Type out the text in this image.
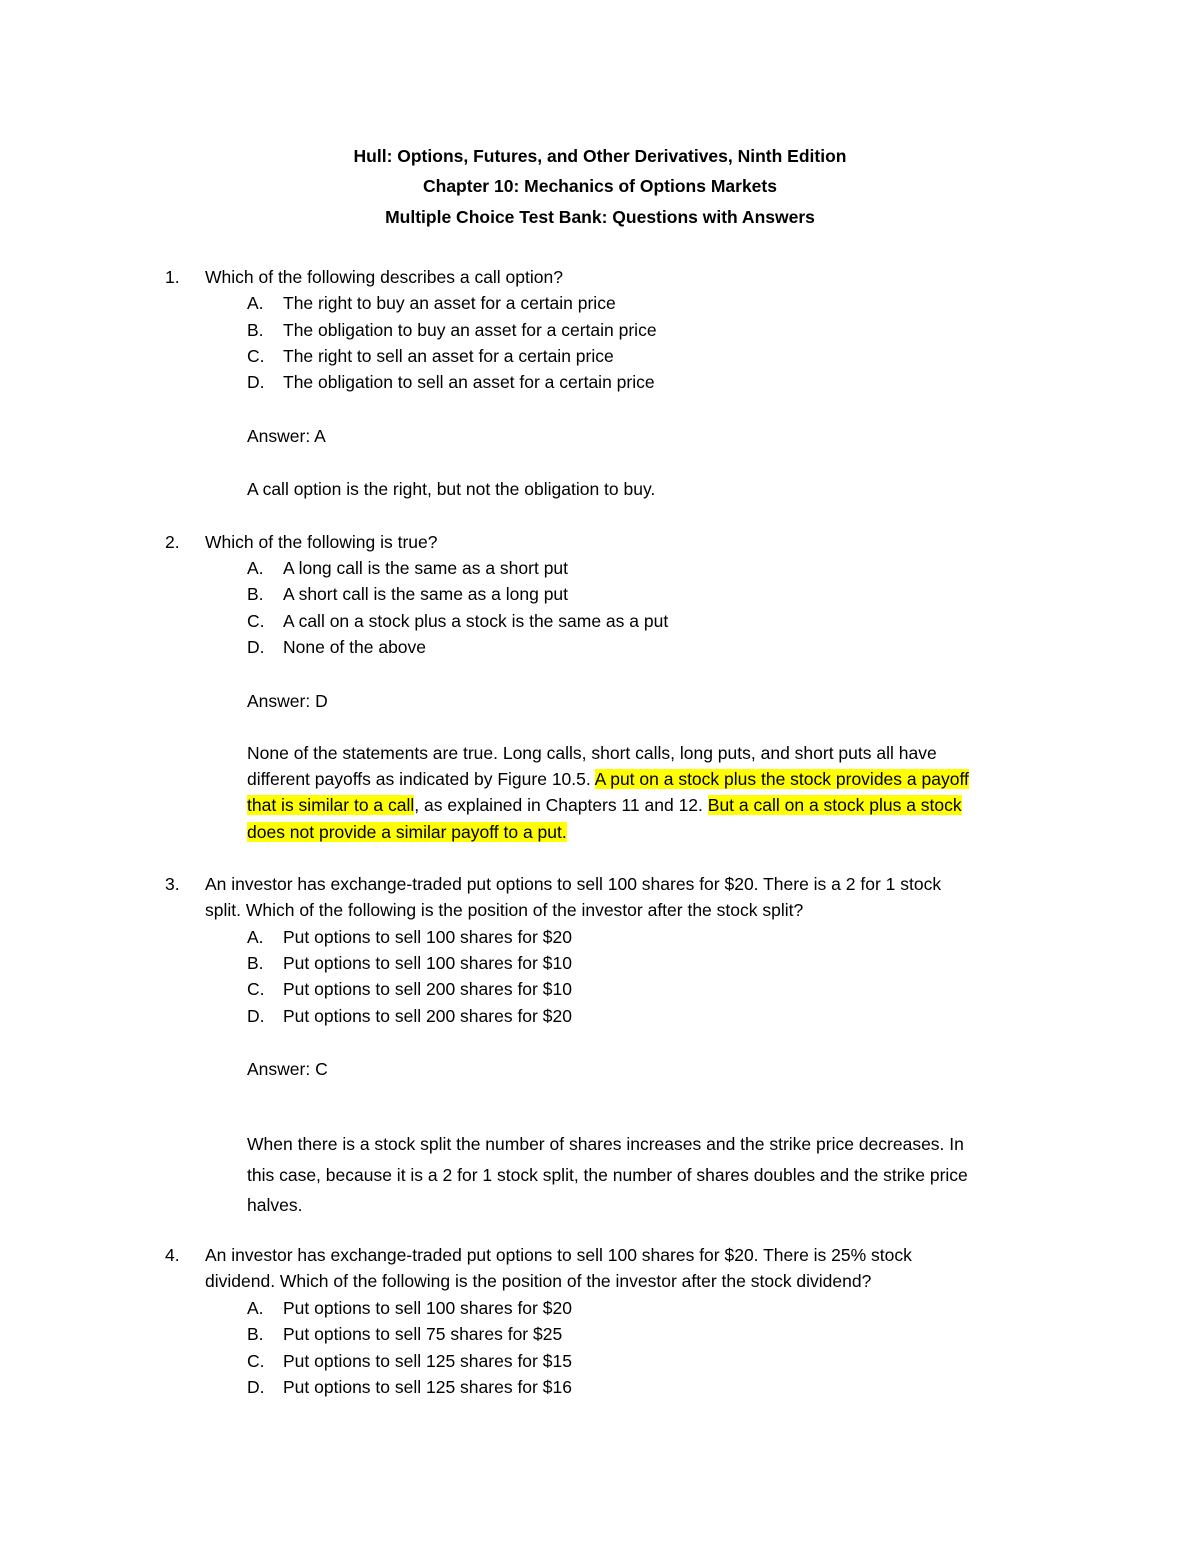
Hull: Options, Futures, and Other Derivatives, Ninth Edition
Chapter 10: Mechanics of Options Markets
Multiple Choice Test Bank: Questions with Answers
1. Which of the following describes a call option?
A. The right to buy an asset for a certain price
B. The obligation to buy an asset for a certain price
C. The right to sell an asset for a certain price
D. The obligation to sell an asset for a certain price
Answer: A
A call option is the right, but not the obligation to buy.
2. Which of the following is true?
A. A long call is the same as a short put
B. A short call is the same as a long put
C. A call on a stock plus a stock is the same as a put
D. None of the above
Answer: D
None of the statements are true. Long calls, short calls, long puts, and short puts all have
different payoffs as indicated by Figure 10.5. A put on a stock plus the stock provides a payoff
that is similar to a call, as explained in Chapters 11 and 12. But a call on a stock plus a stock
does not provide a similar payoff to a put.
3. An investor has exchange-traded put options to sell 100 shares for $20. There is a 2 for 1 stock
split. Which of the following is the position of the investor after the stock split?
A. Put options to sell 100 shares for $20
B. Put options to sell 100 shares for $10
C. Put options to sell 200 shares for $10
D. Put options to sell 200 shares for $20
Answer: C
When there is a stock split the number of shares increases and the strike price decreases. In
this case, because it is a 2 for 1 stock split, the number of shares doubles and the strike price
halves.
4. An investor has exchange-traded put options to sell 100 shares for $20. There is 25% stock
dividend. Which of the following is the position of the investor after the stock dividend?
A. Put options to sell 100 shares for $20
B. Put options to sell 75 shares for $25
C. Put options to sell 125 shares for $15
D. Put options to sell 125 shares for $16
